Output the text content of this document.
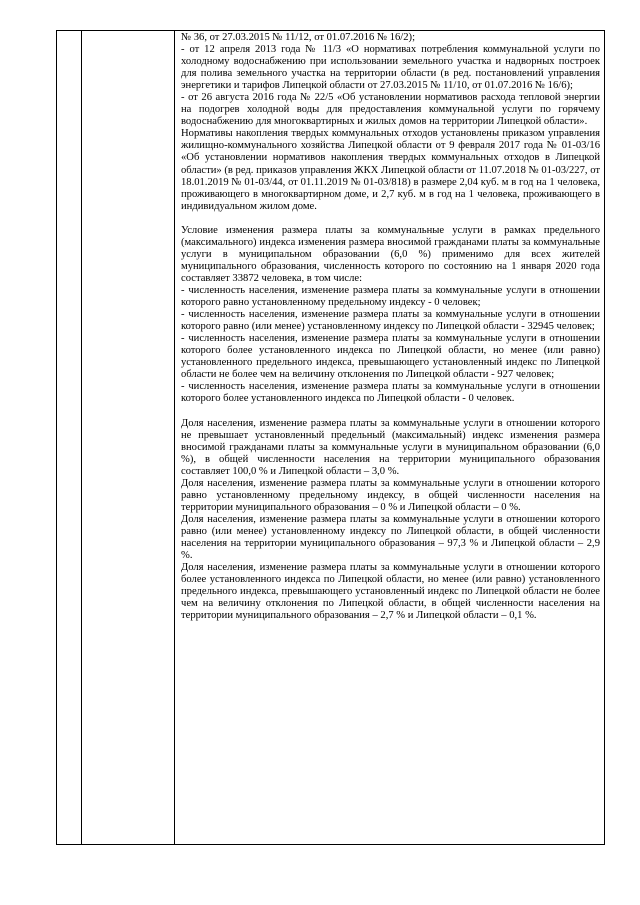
№ 36, от 27.03.2015 № 11/12, от 01.07.2016 № 16/2);

- от 12 апреля 2013 года № 11/3 «О нормативах потребления коммунальной услуги по холодному водоснабжению при использовании земельного участка и надворных построек для полива земельного участка на территории области (в ред. постановлений управления энергетики и тарифов Липецкой области от 27.03.2015 № 11/10, от 01.07.2016 № 16/6);

- от 26 августа 2016 года № 22/5 «Об установлении нормативов расхода тепловой энергии на подогрев холодной воды для предоставления коммунальной услуги по горячему водоснабжению для многоквартирных и жилых домов на территории Липецкой области».

Нормативы накопления твердых коммунальных отходов установлены приказом управления жилищно-коммунального хозяйства Липецкой области от 9 февраля 2017 года № 01-03/16 «Об установлении нормативов накопления твердых коммунальных отходов в Липецкой области» (в ред. приказов управления ЖКХ Липецкой области от 11.07.2018 № 01-03/227, от 18.01.2019 № 01-03/44, от 01.11.2019 № 01-03/818) в размере 2,04 куб. м в год на 1 человека, проживающего в многоквартирном доме, и 2,7 куб. м в год на 1 человека, проживающего в индивидуальном жилом доме.

Условие изменения размера платы за коммунальные услуги в рамках предельного (максимального) индекса изменения размера вносимой гражданами платы за коммунальные услуги в муниципальном образовании (6,0 %) применимо для всех жителей муниципального образования, численность которого по состоянию на 1 января 2020 года составляет 33872 человека, в том числе:

- численность населения, изменение размера платы за коммунальные услуги в отношении которого равно установленному предельному индексу - 0 человек;

- численность населения, изменение размера платы за коммунальные услуги в отношении которого равно (или менее) установленному индексу по Липецкой области - 32945 человек;

- численность населения, изменение размера платы за коммунальные услуги в отношении которого более установленного индекса по Липецкой области, но менее (или равно) установленного предельного индекса, превышающего установленный индекс по Липецкой области не более чем на величину отклонения по Липецкой области - 927 человек;

- численность населения, изменение размера платы за коммунальные услуги в отношении которого более установленного индекса по Липецкой области - 0 человек.

Доля населения, изменение размера платы за коммунальные услуги в отношении которого не превышает установленный предельный (максимальный) индекс изменения размера вносимой гражданами платы за коммунальные услуги в муниципальном образовании (6,0 %), в общей численности населения на территории муниципального образования составляет 100,0 % и Липецкой области – 3,0 %.

Доля населения, изменение размера платы за коммунальные услуги в отношении которого равно установленному предельному индексу, в общей численности населения на территории муниципального образования – 0 % и Липецкой области – 0 %.

Доля населения, изменение размера платы за коммунальные услуги в отношении которого равно (или менее) установленному индексу по Липецкой области, в общей численности населения на территории муниципального образования – 97,3 % и Липецкой области – 2,9 %.

Доля населения, изменение размера платы за коммунальные услуги в отношении которого более установленного индекса по Липецкой области, но менее (или равно) установленного предельного индекса, превышающего установленный индекс по Липецкой области не более чем на величину отклонения по Липецкой области, в общей численности населения на территории муниципального образования – 2,7 % и Липецкой области – 0,1 %.
